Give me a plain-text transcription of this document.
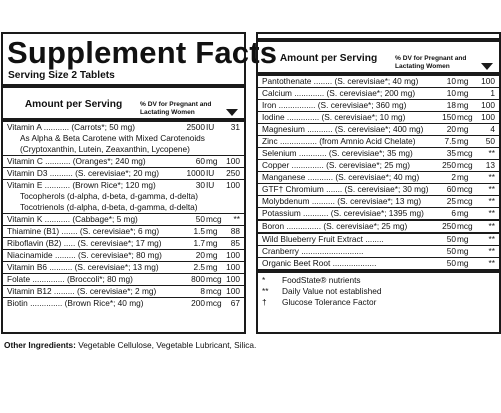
Supplement Facts
Serving Size 2 Tablets
Amount per Serving	% DV for Pregnant and Lactating Women
Vitamin A ........... (Carrots*; 50 mg)	2500 IU	31
As Alpha & Beta Carotene with Mixed Carotenoids
(Cryptoxanthin, Lutein, Zeaxanthin, Lycopene)
Vitamin C ........... (Oranges*; 240 mg)	60 mg	100
Vitamin D3 .......... (S. cerevisiae*; 20 mg)	1000 IU	250
Vitamin E ........... (Brown Rice*; 120 mg)	30 IU	100
Tocopherols (d-alpha, d-beta, d-gamma, d-delta)
Tocotrienols (d-alpha, d-beta, d-gamma, d-delta)
Vitamin K ........... (Cabbage*; 5 mg)	50 mcg	**
Thiamine (B1) ....... (S. cerevisiae*; 6 mg)	1.5 mg	88
Riboflavin (B2) ..... (S. cerevisiae*; 17 mg)	1.7 mg	85
Niacinamide ......... (S. cerevisiae*; 80 mg)	20 mg	100
Vitamin B6 .......... (S. cerevisiae*; 13 mg)	2.5 mg	100
Folate .............. (Broccoli*; 80 mg)	800 mcg 100
Vitamin B12 ......... (S. cerevisiae*; 2 mg)	8 mcg 100
Biotin .............. (Brown Rice*; 40 mg)	200 mcg	67
Amount per Serving	% DV for Pregnant and Lactating Women
Pantothenate ........ (S. cerevisiae*; 40 mg)	10 mg	100
Calcium ............. (S. cerevisiae*; 200 mg)	10 mg	1
Iron ................ (S. cerevisiae*; 360 mg)	18 mg	100
Iodine .............. (S. cerevisiae*; 10 mg)	150 mcg	100
Magnesium ........... (S. cerevisiae*; 400 mg)	20 mg	4
Zinc ................ (from Amnio Acid Chelate)	7.5 mg	50
Selenium ............ (S. cerevisiae*; 35 mg)	35 mcg	**
Copper .............. (S. cerevisiae*; 25 mg)	250 mcg	13
Manganese ........... (S. cerevisiae*; 40 mg)	2 mg	**
GTF† Chromium ....... (S. cerevisiae*; 30 mg)	60 mcg	**
Molybdenum .......... (S. cerevisiae*; 13 mg)	25 mcg	**
Potassium ........... (S. cerevisiae*; 1395 mg)	6 mg	**
Boron ............... (S. cerevisiae*; 25 mg)	250 mcg	**
Wild Blueberry Fruit Extract ........	50 mg	**
Cranberry ...........................	50 mg	**
Organic Beet Root ...................	50 mg	**
*	FoodState® nutrients
**	Daily Value not established
†	Glucose Tolerance Factor
Other Ingredients: Vegetable Cellulose, Vegetable Lubricant, Silica.
